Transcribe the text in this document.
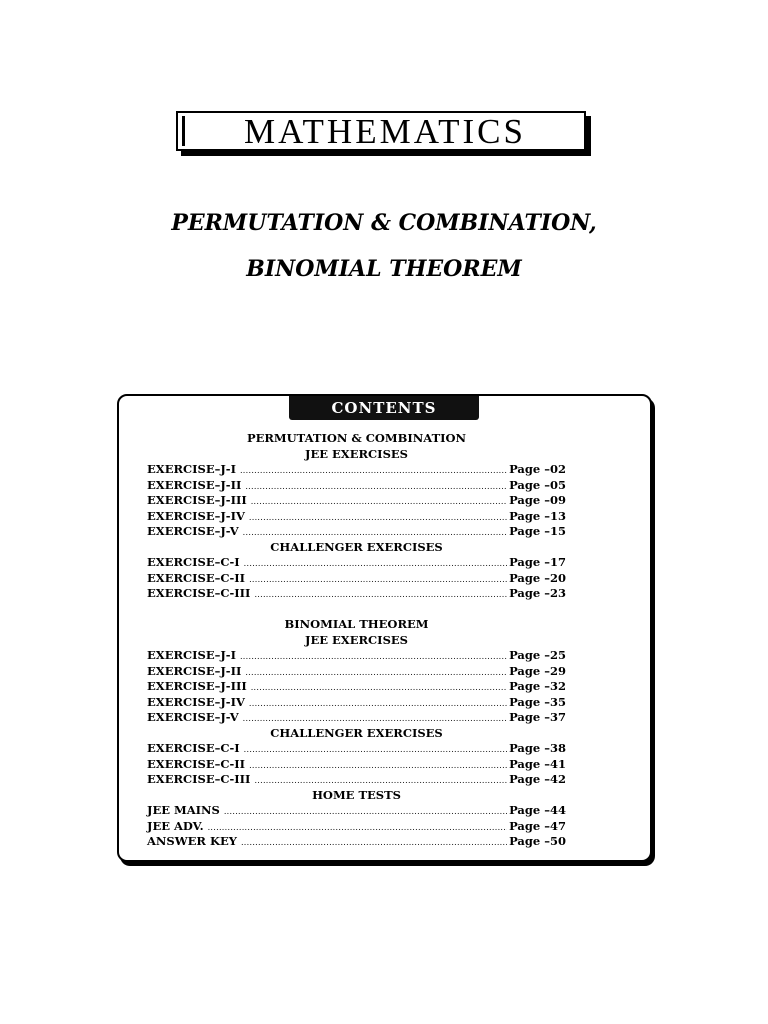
MATHEMATICS
PERMUTATION & COMBINATION,
BINOMIAL THEOREM
CONTENTS
PERMUTATION & COMBINATION
JEE EXERCISES
EXERCISE–J-I .....	Page –02
EXERCISE–J-II .....	Page –05
EXERCISE–J-III .....	Page –09
EXERCISE–J-IV .....	Page –13
EXERCISE–J-V .....	Page –15
CHALLENGER EXERCISES
EXERCISE–C-I .....	Page –17
EXERCISE–C-II .....	Page –20
EXERCISE–C-III .....	Page –23
BINOMIAL THEOREM
JEE EXERCISES
EXERCISE–J-I .....	Page –25
EXERCISE–J-II .....	Page –29
EXERCISE–J-III .....	Page –32
EXERCISE–J-IV .....	Page –35
EXERCISE–J-V .....	Page –37
CHALLENGER EXERCISES
EXERCISE–C-I .....	Page –38
EXERCISE–C-II .....	Page –41
EXERCISE–C-III .....	Page –42
HOME TESTS
JEE MAINS .....	Page –44
JEE ADV. .....	Page –47
ANSWER KEY .....	Page –50
